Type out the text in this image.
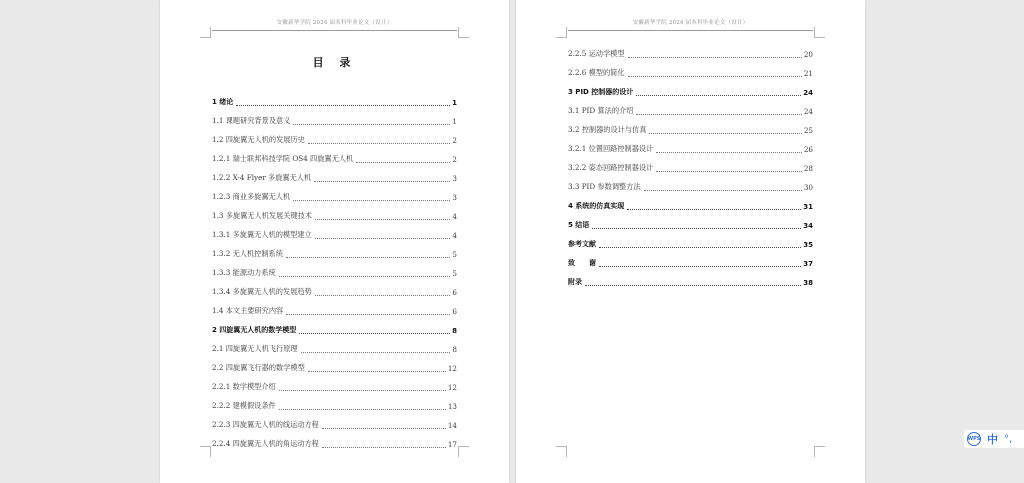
安徽新华学院 2024 届本科毕业论文（设计）
目 录
1 绪论	1
1.1 课题研究背景及意义	1
1.2 四旋翼无人机的发展历史	2
1.2.1 瑞士联邦科技学院 OS4 四旋翼无人机	2
1.2.2 X-4 Flyer 多旋翼无人机	3
1.2.3 商业多旋翼无人机	3
1.3 多旋翼无人机发展关键技术	4
1.3.1 多旋翼无人机的模型建立	4
1.3.2 无人机控制系统	5
1.3.3 能源动力系统	5
1.3.4 多旋翼无人机的发展趋势	6
1.4 本文主要研究内容	6
2 四旋翼无人机的数学模型	8
2.1 四旋翼无人机飞行原理	8
2.2 四旋翼飞行器的数学模型	12
2.2.1 数学模型介绍	12
2.2.2 建模假设条件	13
2.2.3 四旋翼无人机的线运动方程	14
2.2.4 四旋翼无人机的角运动方程	17
安徽新华学院 2024 届本科毕业论文（设计）
2.2.5 运动学模型	20
2.2.6 模型的简化	21
3 PID 控制器的设计	24
3.1 PID 算法的介绍	24
3.2 控制器的设计与仿真	25
3.2.1 位置回路控制器设计	26
3.2.2 姿态回路控制器设计	28
3.3 PID 参数调整方法	30
4 系统的仿真实现	31
5 结语	34
参考文献	35
致　　谢	37
附录	38
WPS 中 °,
